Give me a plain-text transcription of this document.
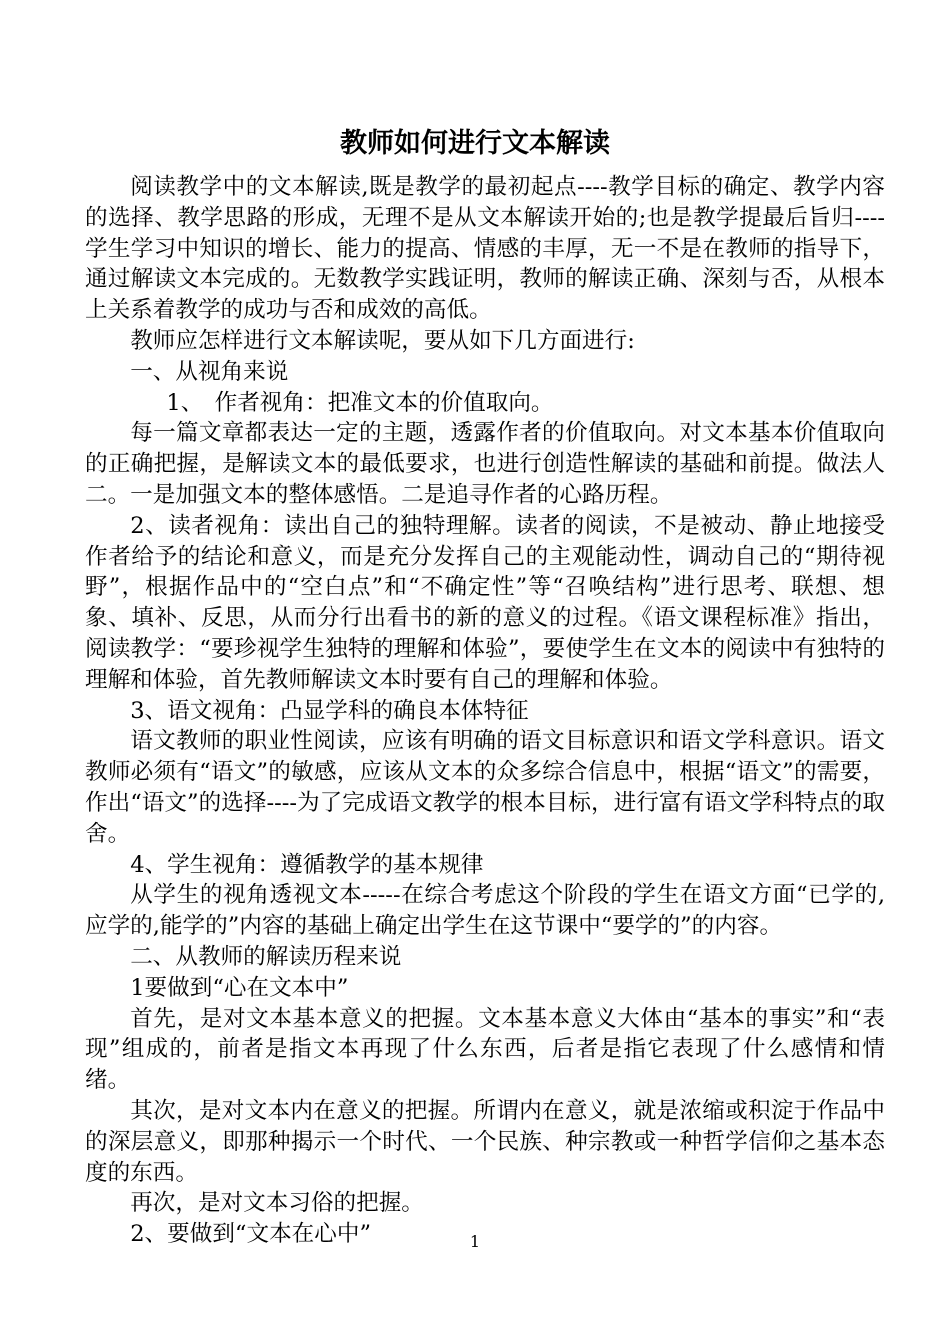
教师如何进行文本解读

阅读教学中的文本解读,既是教学的最初起点----教学目标的确定、教学内容的选择、教学思路的形成，无理不是从文本解读开始的;也是教学提最后旨归----学生学习中知识的增长、能力的提高、情感的丰厚，无一不是在教师的指导下，通过解读文本完成的。无数教学实践证明，教师的解读正确、深刻与否，从根本上关系着教学的成功与否和成效的高低。

教师应怎样进行文本解读呢，要从如下几方面进行:

一、从视角来说

1、　作者视角：把准文本的价值取向。

每一篇文章都表达一定的主题，透露作者的价值取向。对文本基本价值取向的正确把握，是解读文本的最低要求，也进行创造性解读的基础和前提。做法人二。一是加强文本的整体感悟。二是追寻作者的心路历程。

2、读者视角：读出自己的独特理解。读者的阅读，不是被动、静止地接受作者给予的结论和意义，而是充分发挥自己的主观能动性，调动自己的“期待视野”，根据作品中的“空白点”和“不确定性”等“召唤结构”进行思考、联想、想象、填补、反思，从而分行出看书的新的意义的过程。《语文课程标准》指出，阅读教学：“要珍视学生独特的理解和体验”，要使学生在文本的阅读中有独特的理解和体验，首先教师解读文本时要有自己的理解和体验。

3、语文视角：凸显学科的确良本体特征

语文教师的职业性阅读，应该有明确的语文目标意识和语文学科意识。语文教师必须有“语文”的敏感，应该从文本的众多综合信息中，根据“语文”的需要，作出“语文”的选择----为了完成语文教学的根本目标，进行富有语文学科特点的取舍。

4、学生视角：遵循教学的基本规律

从学生的视角透视文本-----在综合考虑这个阶段的学生在语文方面“已学的,应学的,能学的”内容的基础上确定出学生在这节课中“要学的”的内容。

二、从教师的解读历程来说

1要做到“心在文本中”

首先，是对文本基本意义的把握。文本基本意义大体由“基本的事实”和“表现”组成的，前者是指文本再现了什么东西，后者是指它表现了什么感情和情绪。

其次，是对文本内在意义的把握。所谓内在意义，就是浓缩或积淀于作品中的深层意义，即那种揭示一个时代、一个民族、种宗教或一种哲学信仰之基本态度的东西。

再次，是对文本习俗的把握。

2、要做到“文本在心中”	1
